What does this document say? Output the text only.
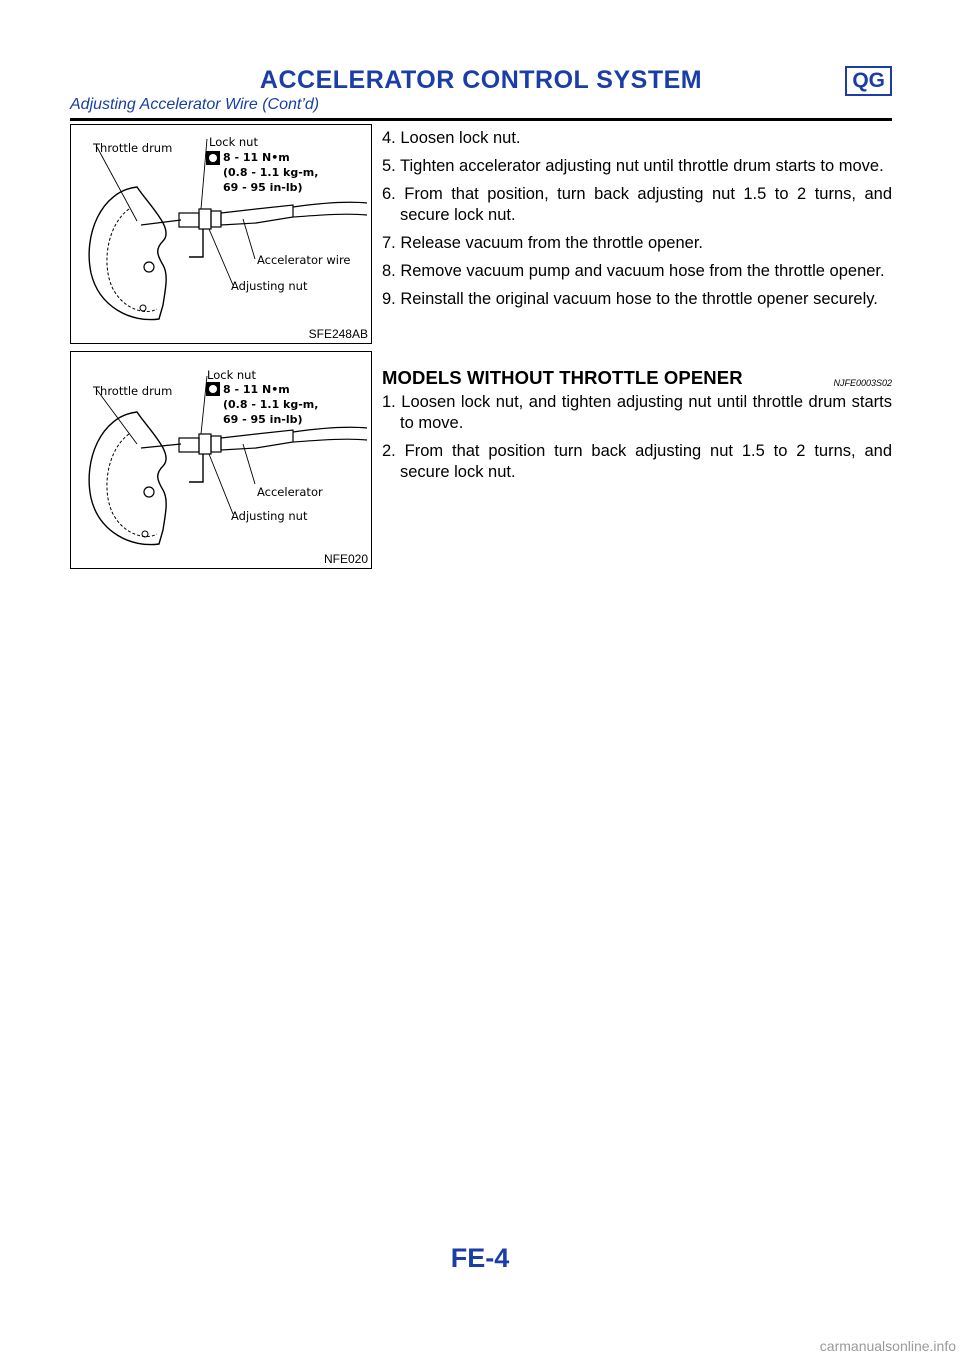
ACCELERATOR CONTROL SYSTEM	QG
Adjusting Accelerator Wire (Cont’d)
Throttle drum	Lock nut
8 - 11 N•m
(0.8 - 1.1 kg-m,
69 - 95 in-lb)
Accelerator wire
Adjusting nut
SFE248AB
Throttle drum
Lock nut
8 - 11 N•m
(0.8 - 1.1 kg-m,
69 - 95 in-lb)
Accelerator
Adjusting nut
NFE020
4. Loosen lock nut.
5. Tighten accelerator adjusting nut until throttle drum starts to move.
6. From that position, turn back adjusting nut 1.5 to 2 turns, and secure lock nut.
7. Release vacuum from the throttle opener.
8. Remove vacuum pump and vacuum hose from the throttle opener.
9. Reinstall the original vacuum hose to the throttle opener securely.
MODELS WITHOUT THROTTLE OPENER	NJFE0003S02
1. Loosen lock nut, and tighten adjusting nut until throttle drum starts to move.
2. From that position turn back adjusting nut 1.5 to 2 turns, and secure lock nut.
FE-4
carmanualsonline.info
